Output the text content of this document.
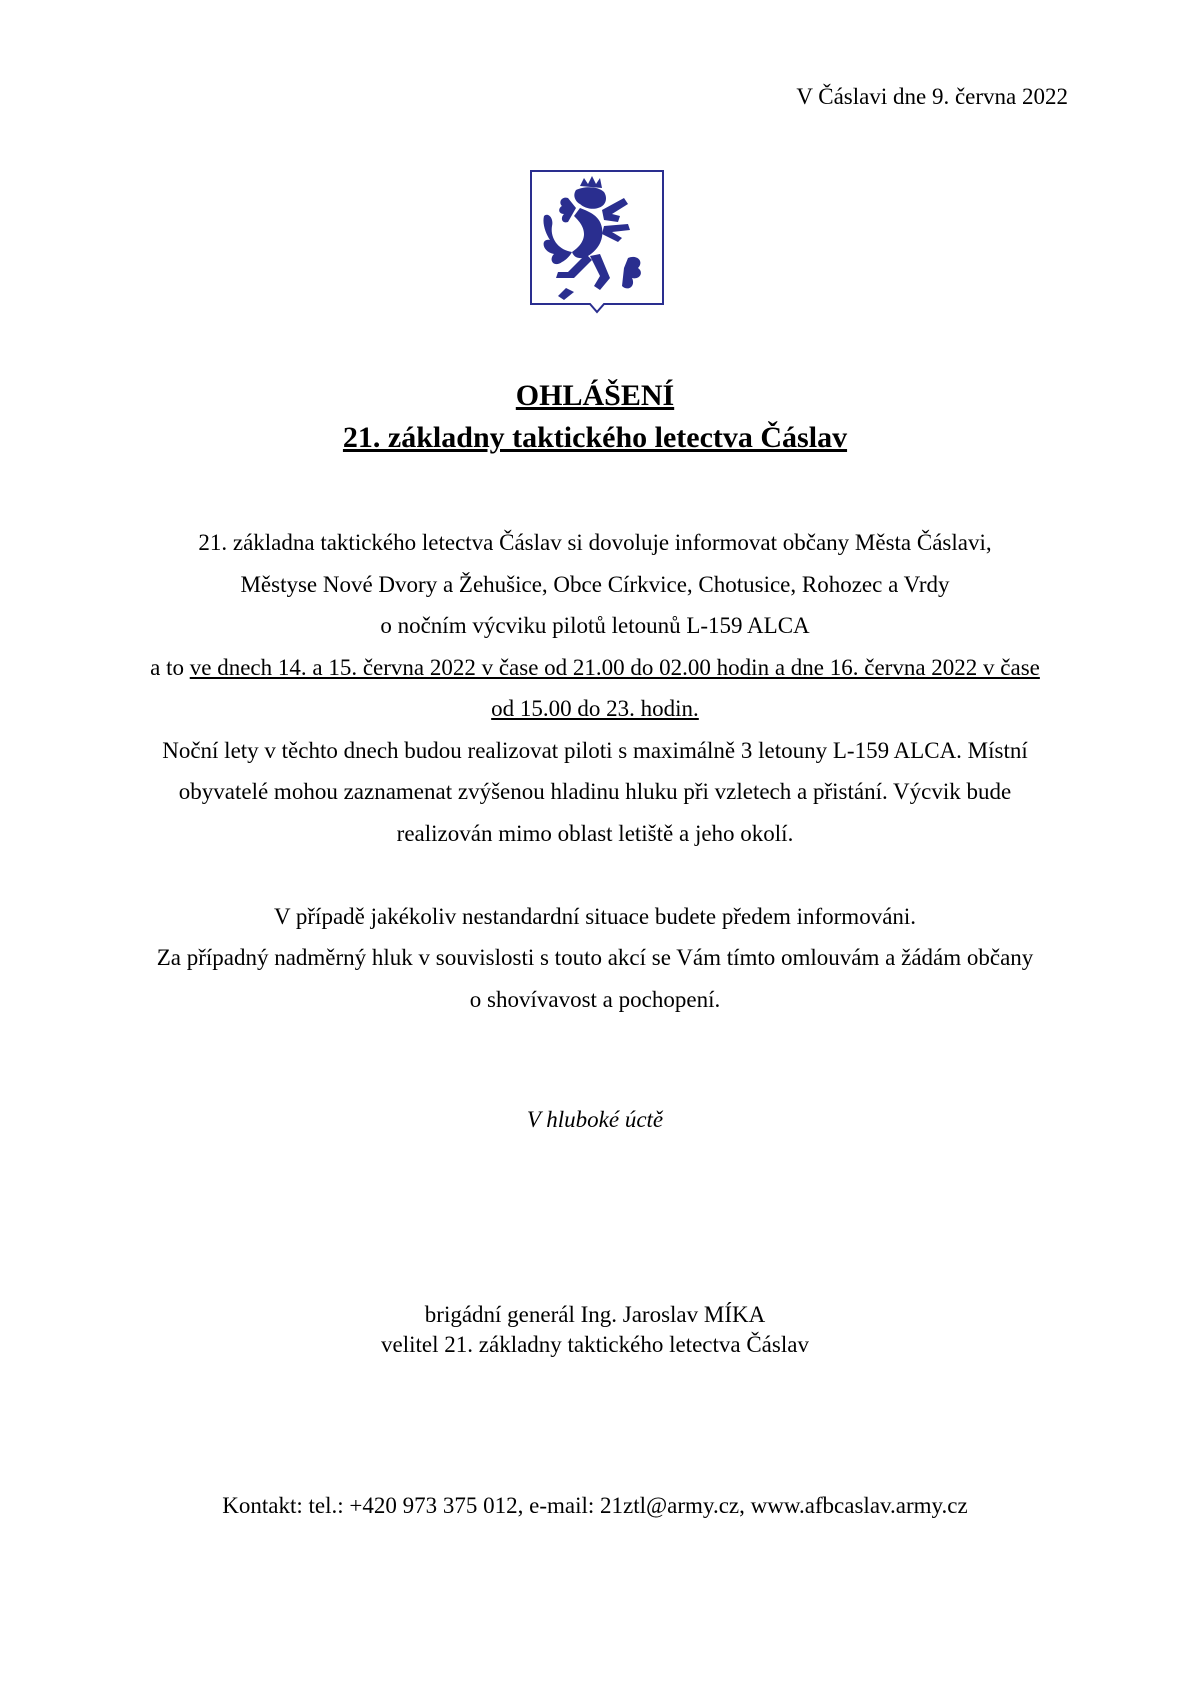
V Čáslavi dne 9. června 2022
OHLÁŠENÍ
21. základny taktického letectva Čáslav
21. základna taktického letectva Čáslav si dovoluje informovat občany Města Čáslavi,
Městyse Nové Dvory a Žehušice, Obce Církvice, Chotusice, Rohozec a Vrdy
o nočním výcviku pilotů letounů L-159 ALCA
a to ve dnech 14. a 15. června 2022 v čase od 21.00 do 02.00 hodin a dne 16. června 2022 v čase
od 15.00 do 23. hodin.
Noční lety v těchto dnech budou realizovat piloti s maximálně 3 letouny L-159 ALCA. Místní
obyvatelé mohou zaznamenat zvýšenou hladinu hluku při vzletech a přistání. Výcvik bude
realizován mimo oblast letiště a jeho okolí.
V případě jakékoliv nestandardní situace budete předem informováni.
Za případný nadměrný hluk v souvislosti s touto akcí se Vám tímto omlouvám a žádám občany
o shovívavost a pochopení.
V hluboké úctě
brigádní generál Ing. Jaroslav MÍKA
velitel 21. základny taktického letectva Čáslav
Kontakt: tel.: +420 973 375 012, e-mail: 21ztl@army.cz, www.afbcaslav.army.cz
